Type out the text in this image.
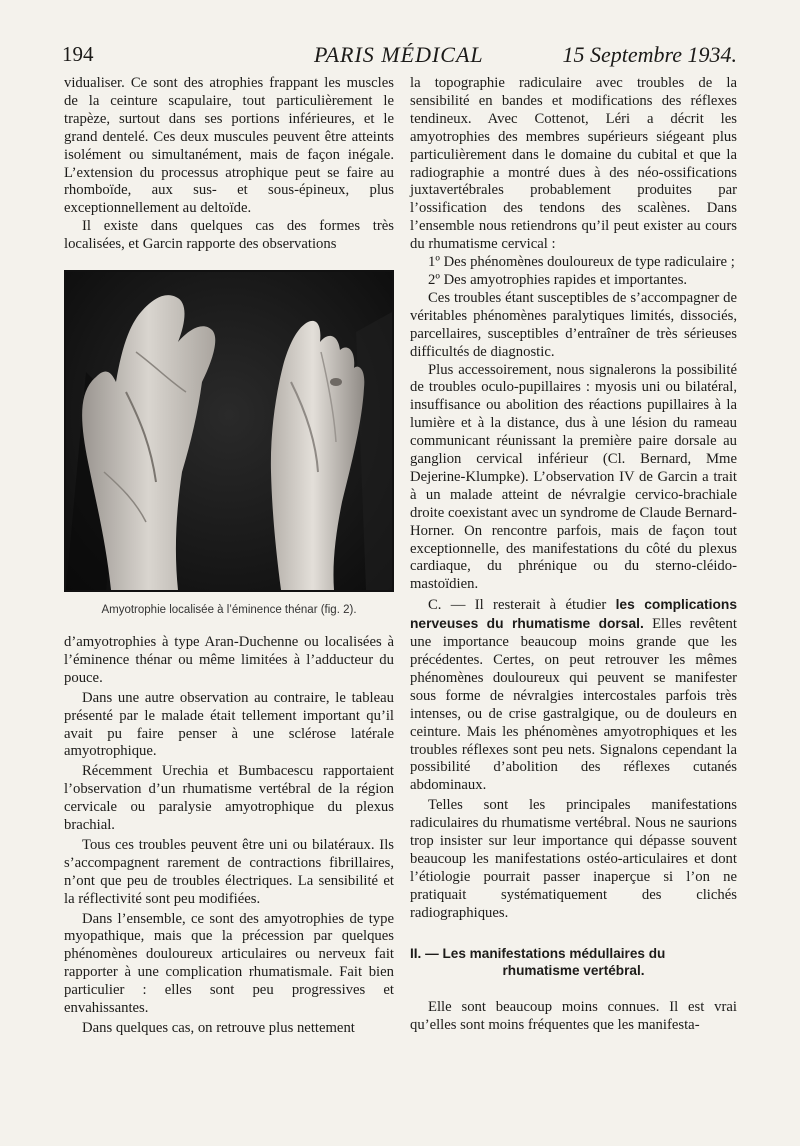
194	PARIS MÉDICAL	15 Septembre 1934.

vidualiser. Ce sont des atrophies frappant les muscles de la ceinture scapulaire, tout particulièrement le trapèze, surtout dans ses portions inférieures, et le grand dentelé. Ces deux muscules peuvent être atteints isolément ou simultanément, mais de façon inégale. L’extension du processus atrophique peut se faire au rhomboïde, aux sus- et sous-épineux, plus exceptionnellement au deltoïde.

Il existe dans quelques cas des formes très localisées, et Garcin rapporte des observations

Amyotrophie localisée à l’éminence thénar (fig. 2).

d’amyotrophies à type Aran-Duchenne ou localisées à l’éminence thénar ou même limitées à l’adducteur du pouce.

Dans une autre observation au contraire, le tableau présenté par le malade était tellement important qu’il avait pu faire penser à une sclérose latérale amyotrophique.

Récemment Urechia et Bumbacescu rapportaient l’observation d’un rhumatisme vertébral de la région cervicale ou paralysie amyotrophique du plexus brachial.

Tous ces troubles peuvent être uni ou bilatéraux. Ils s’accompagnent rarement de contractions fibrillaires, n’ont que peu de troubles électriques. La sensibilité et la réflectivité sont peu modifiées.

Dans l’ensemble, ce sont des amyotrophies de type myopathique, mais que la précession par quelques phénomènes douloureux articulaires ou nerveux fait rapporter à une complication rhumatismale. Fait bien particulier : elles sont peu progressives et envahissantes.

Dans quelques cas, on retrouve plus nettement

la topographie radiculaire avec troubles de la sensibilité en bandes et modifications des réflexes tendineux. Avec Cottenot, Léri a décrit les amyotrophies des membres supérieurs siégeant plus particulièrement dans le domaine du cubital et que la radiographie a montré dues à des néo-ossifications juxtavertébrales probablement produites par l’ossification des tendons des scalènes. Dans l’ensemble nous retiendrons qu’il peut exister au cours du rhumatisme cervical :

1º Des phénomènes douloureux de type radiculaire ;

2º Des amyotrophies rapides et importantes.

Ces troubles étant susceptibles de s’accompagner de véritables phénomènes paralytiques limités, dissociés, parcellaires, susceptibles d’entraîner de très sérieuses difficultés de diagnostic.

Plus accessoirement, nous signalerons la possibilité de troubles oculo-pupillaires : myosis uni ou bilatéral, insuffisance ou abolition des réactions pupillaires à la lumière et à la distance, dus à une lésion du rameau communicant réunissant la première paire dorsale au ganglion cervical inférieur (Cl. Bernard, Mme Dejerine-Klumpke). L’observation IV de Garcin a trait à un malade atteint de névralgie cervico-brachiale droite coexistant avec un syndrome de Claude Bernard-Horner. On rencontre parfois, mais de façon tout exceptionnelle, des manifestations du côté du plexus cardiaque, du phrénique ou du sterno-cléido-mastoïdien.

C. — Il resterait à étudier les complications nerveuses du rhumatisme dorsal. Elles revêtent une importance beaucoup moins grande que les précédentes. Certes, on peut retrouver les mêmes phénomènes douloureux qui peuvent se manifester sous forme de névralgies intercostales parfois très intenses, ou de crise gastralgique, ou de douleurs en ceinture. Mais les phénomènes amyotrophiques et les troubles réflexes sont peu nets. Signalons cependant la possibilité d’abolition des réflexes cutanés abdominaux.

Telles sont les principales manifestations radiculaires du rhumatisme vertébral. Nous ne saurions trop insister sur leur importance qui dépasse souvent beaucoup les manifestations ostéo-articulaires et dont l’étiologie pourrait passer inaperçue si l’on ne pratiquait systématiquement des clichés radiographiques.

II. — Les manifestations médullaires du
rhumatisme vertébral.

Elle sont beaucoup moins connues. Il est vrai qu’elles sont moins fréquentes que les manifesta-
